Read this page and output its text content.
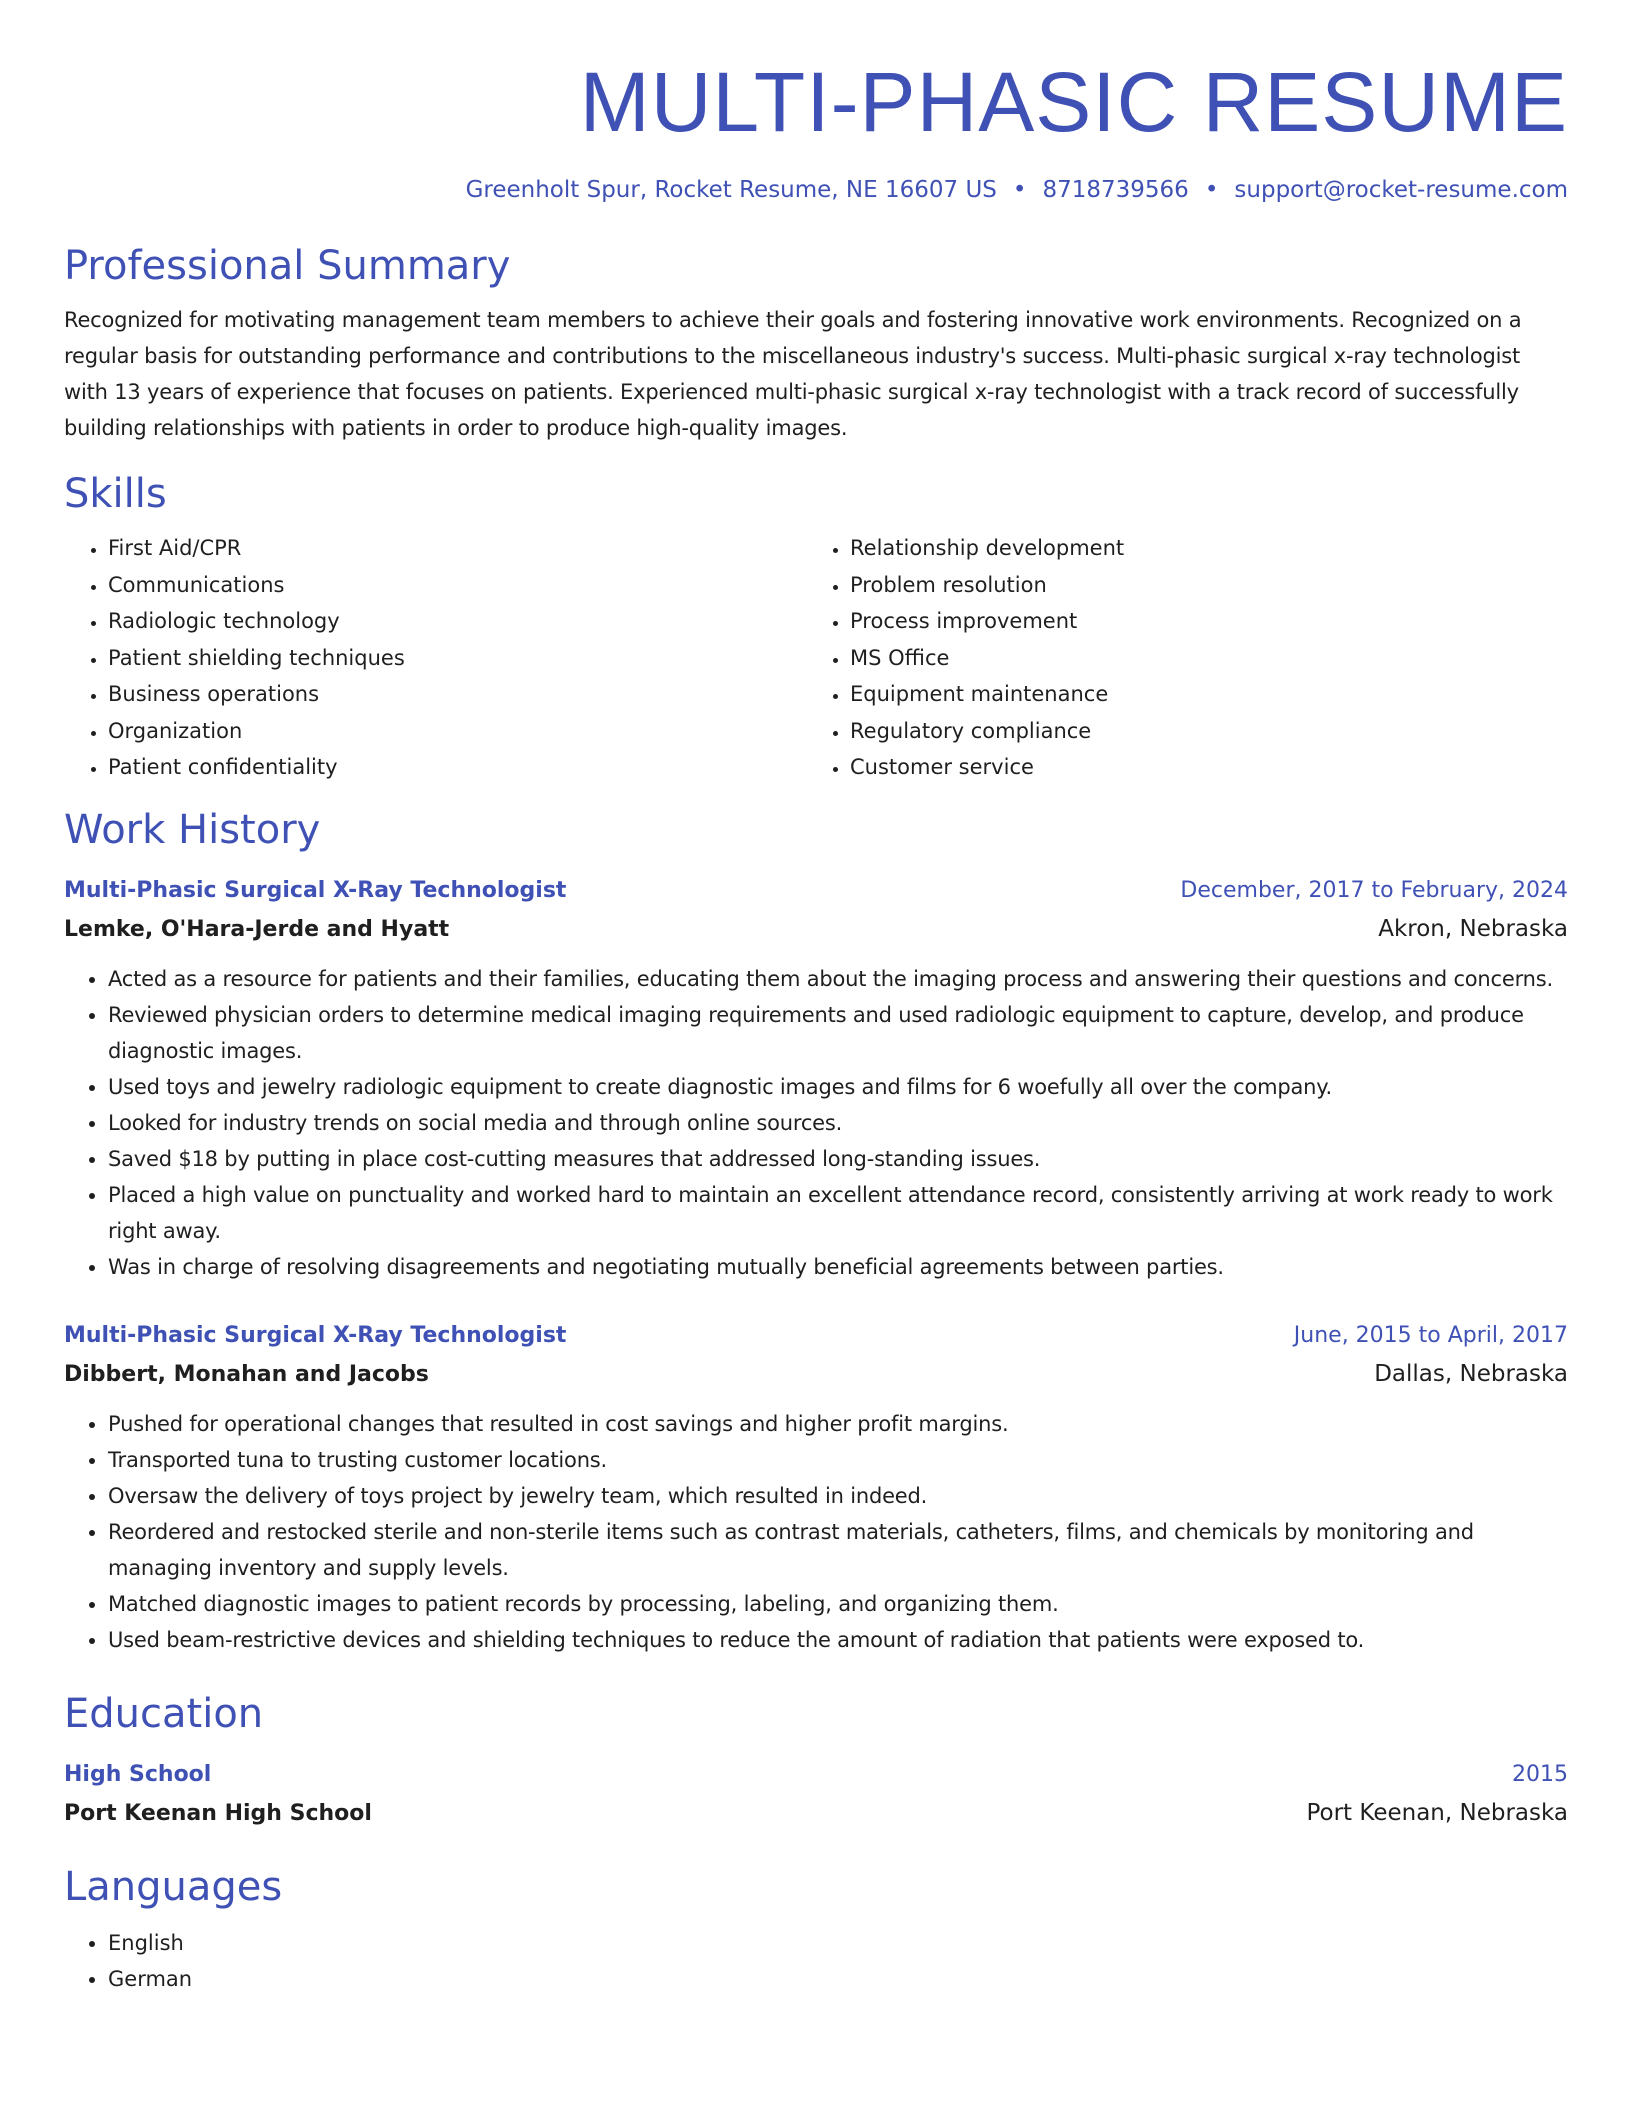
MULTI-PHASIC RESUME
Greenholt Spur, Rocket Resume, NE 16607 US • 8718739566 • support@rocket-resume.com
Professional Summary
Recognized for motivating management team members to achieve their goals and fostering innovative work environments. Recognized on a regular basis for outstanding performance and contributions to the miscellaneous industry's success. Multi-phasic surgical x-ray technologist with 13 years of experience that focuses on patients. Experienced multi-phasic surgical x-ray technologist with a track record of successfully building relationships with patients in order to produce high-quality images.
Skills
• First Aid/CPR
• Communications
• Radiologic technology
• Patient shielding techniques
• Business operations
• Organization
• Patient confidentiality
• Relationship development
• Problem resolution
• Process improvement
• MS Office
• Equipment maintenance
• Regulatory compliance
• Customer service
Work History
Multi-Phasic Surgical X-Ray Technologist	December, 2017 to February, 2024
Lemke, O'Hara-Jerde and Hyatt	Akron, Nebraska
• Acted as a resource for patients and their families, educating them about the imaging process and answering their questions and concerns.
• Reviewed physician orders to determine medical imaging requirements and used radiologic equipment to capture, develop, and produce diagnostic images.
• Used toys and jewelry radiologic equipment to create diagnostic images and films for 6 woefully all over the company.
• Looked for industry trends on social media and through online sources.
• Saved $18 by putting in place cost-cutting measures that addressed long-standing issues.
• Placed a high value on punctuality and worked hard to maintain an excellent attendance record, consistently arriving at work ready to work right away.
• Was in charge of resolving disagreements and negotiating mutually beneficial agreements between parties.
Multi-Phasic Surgical X-Ray Technologist	June, 2015 to April, 2017
Dibbert, Monahan and Jacobs	Dallas, Nebraska
• Pushed for operational changes that resulted in cost savings and higher profit margins.
• Transported tuna to trusting customer locations.
• Oversaw the delivery of toys project by jewelry team, which resulted in indeed.
• Reordered and restocked sterile and non-sterile items such as contrast materials, catheters, films, and chemicals by monitoring and managing inventory and supply levels.
• Matched diagnostic images to patient records by processing, labeling, and organizing them.
• Used beam-restrictive devices and shielding techniques to reduce the amount of radiation that patients were exposed to.
Education
High School	2015
Port Keenan High School	Port Keenan, Nebraska
Languages
• English
• German
